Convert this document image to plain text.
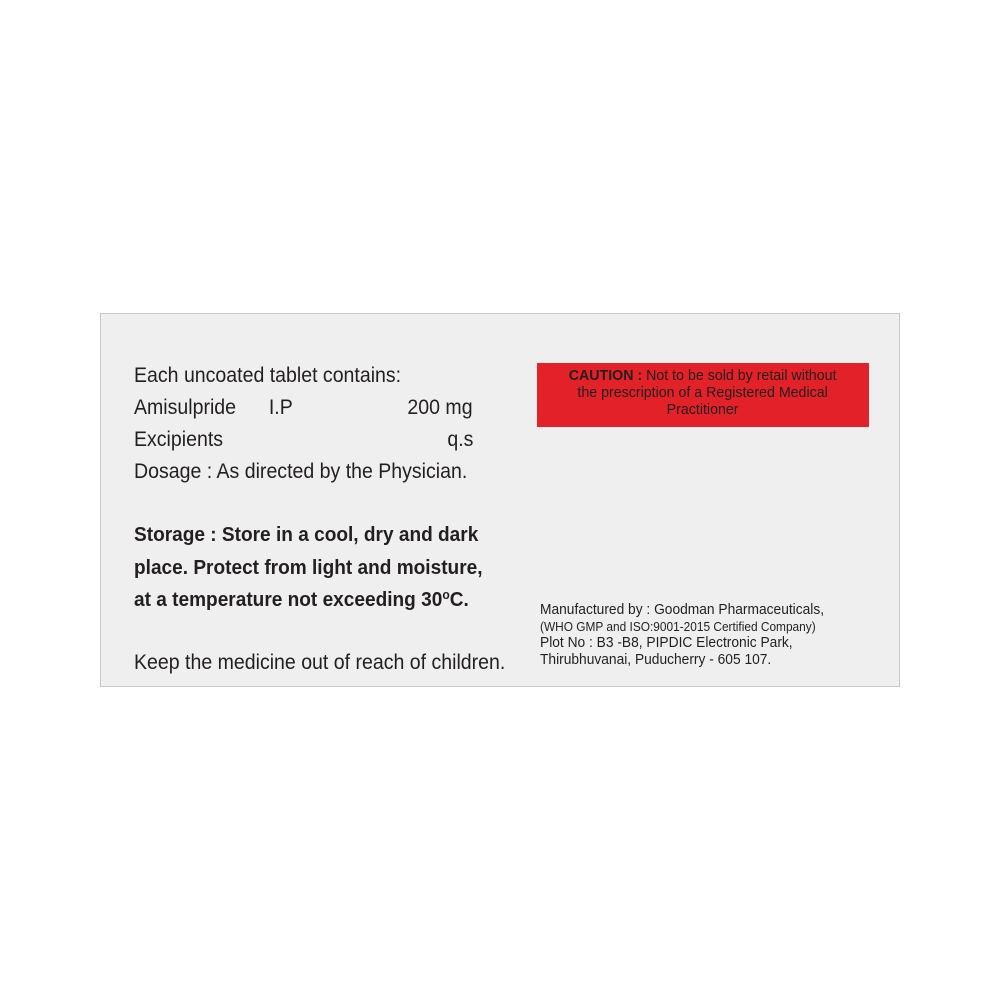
Each uncoated tablet contains:
Amisulpride I.P	200 mg
Excipients	q.s
Dosage : As directed by the Physician.
Storage : Store in a cool, dry and dark
place. Protect from light and moisture,
at a temperature not exceeding 30$^o$C.
Keep the medicine out of reach of children.
CAUTION : Not to be sold by retail without
the prescription of a Registered Medical
Practitioner
Manufactured by : Goodman Pharmaceuticals,
(WHO GMP and ISO:9001-2015 Certified Company)
Plot No : B3 -B8, PIPDIC Electronic Park,
Thirubhuvanai, Puducherry - 605 107.
